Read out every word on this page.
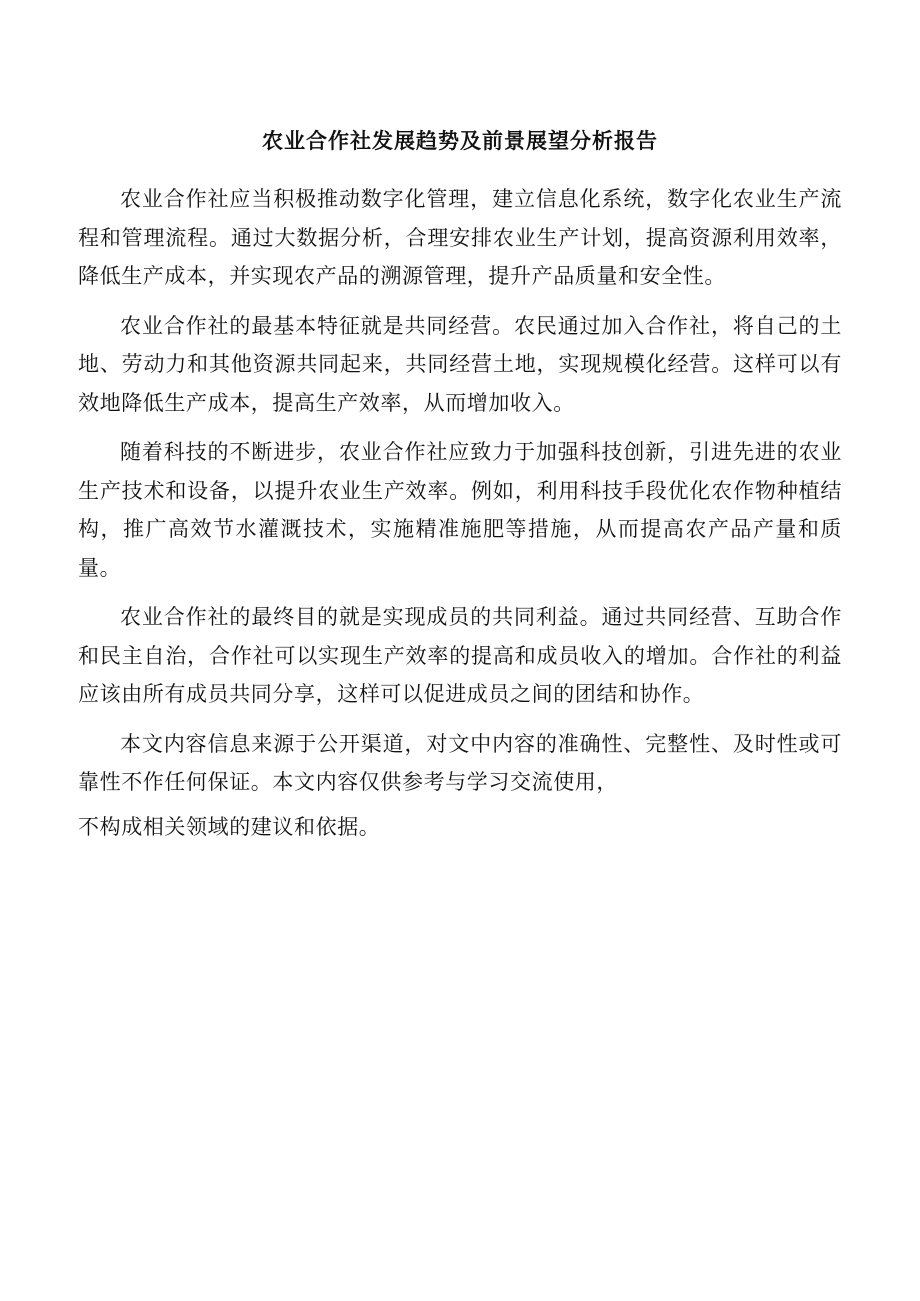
农业合作社发展趋势及前景展望分析报告

农业合作社应当积极推动数字化管理，建立信息化系统，数字化农业生产流程和管理流程。通过大数据分析，合理安排农业生产计划，提高资源利用效率，降低生产成本，并实现农产品的溯源管理，提升产品质量和安全性。

农业合作社的最基本特征就是共同经营。农民通过加入合作社，将自己的土地、劳动力和其他资源共同起来，共同经营土地，实现规模化经营。这样可以有效地降低生产成本，提高生产效率，从而增加收入。

随着科技的不断进步，农业合作社应致力于加强科技创新，引进先进的农业生产技术和设备，以提升农业生产效率。例如，利用科技手段优化农作物种植结构，推广高效节水灌溉技术，实施精准施肥等措施，从而提高农产品产量和质量。

农业合作社的最终目的就是实现成员的共同利益。通过共同经营、互助合作和民主自治，合作社可以实现生产效率的提高和成员收入的增加。合作社的利益应该由所有成员共同分享，这样可以促进成员之间的团结和协作。

本文内容信息来源于公开渠道，对文中内容的准确性、完整性、及时性或可靠性不作任何保证。本文内容仅供参考与学习交流使用，

不构成相关领域的建议和依据。
